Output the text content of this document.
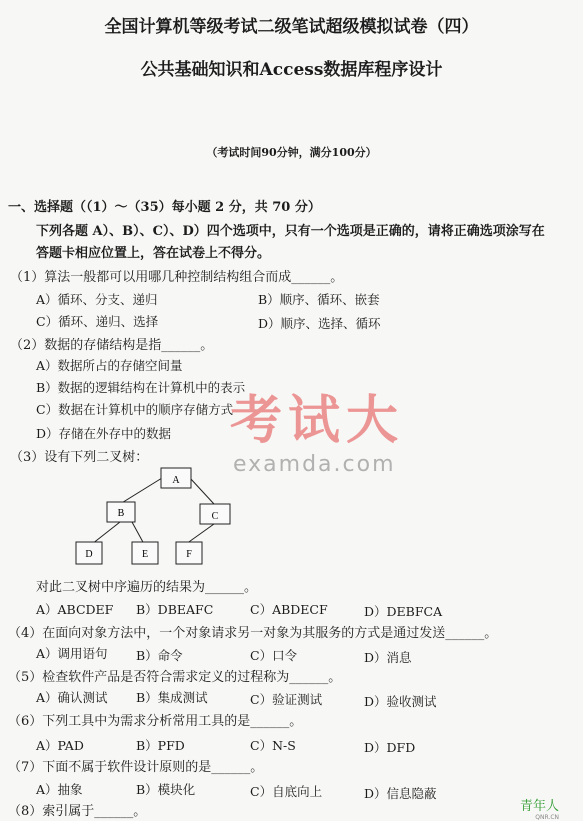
全国计算机等级考试二级笔试超级模拟试卷（四）
公共基础知识和Access数据库程序设计
（考试时间90分钟，满分100分）
一、选择题（（1）～（35）每小题 2 分，共 70 分）
下列各题 A）、B）、C）、D）四个选项中，只有一个选项是正确的，请将正确选项涂写在
答题卡相应位置上，答在试卷上不得分。
（1）算法一般都可以用哪几种控制结构组合而成______。
A）循环、分支、递归	B）顺序、循环、嵌套
C）循环、递归、选择	D）顺序、选择、循环
（2）数据的存储结构是指______。
A）数据所占的存储空间量
B）数据的逻辑结构在计算机中的表示
C）数据在计算机中的顺序存储方式
D）存储在外存中的数据
（3）设有下列二叉树：
A
B	C
D	E	F
对此二叉树中序遍历的结果为______。
A）ABCDEF B）DBEAFC	C）ABDECF	D）DEBFCA
（4）在面向对象方法中，一个对象请求另一对象为其服务的方式是通过发送______。
A）调用语句 B）命令	C）口令	D）消息
（5）检查软件产品是否符合需求定义的过程称为______。
A）确认测试 B）集成测试	C）验证测试	D）验收测试
（6）下列工具中为需求分析常用工具的是______。
A）PAD	B）PFD	C）N-S	D）DFD
（7）下面不属于软件设计原则的是______。
A）抽象	B）模块化	C）自底向上	D）信息隐蔽
（8）索引属于______。
考试大
examda.com
青年人
QNR.CN
